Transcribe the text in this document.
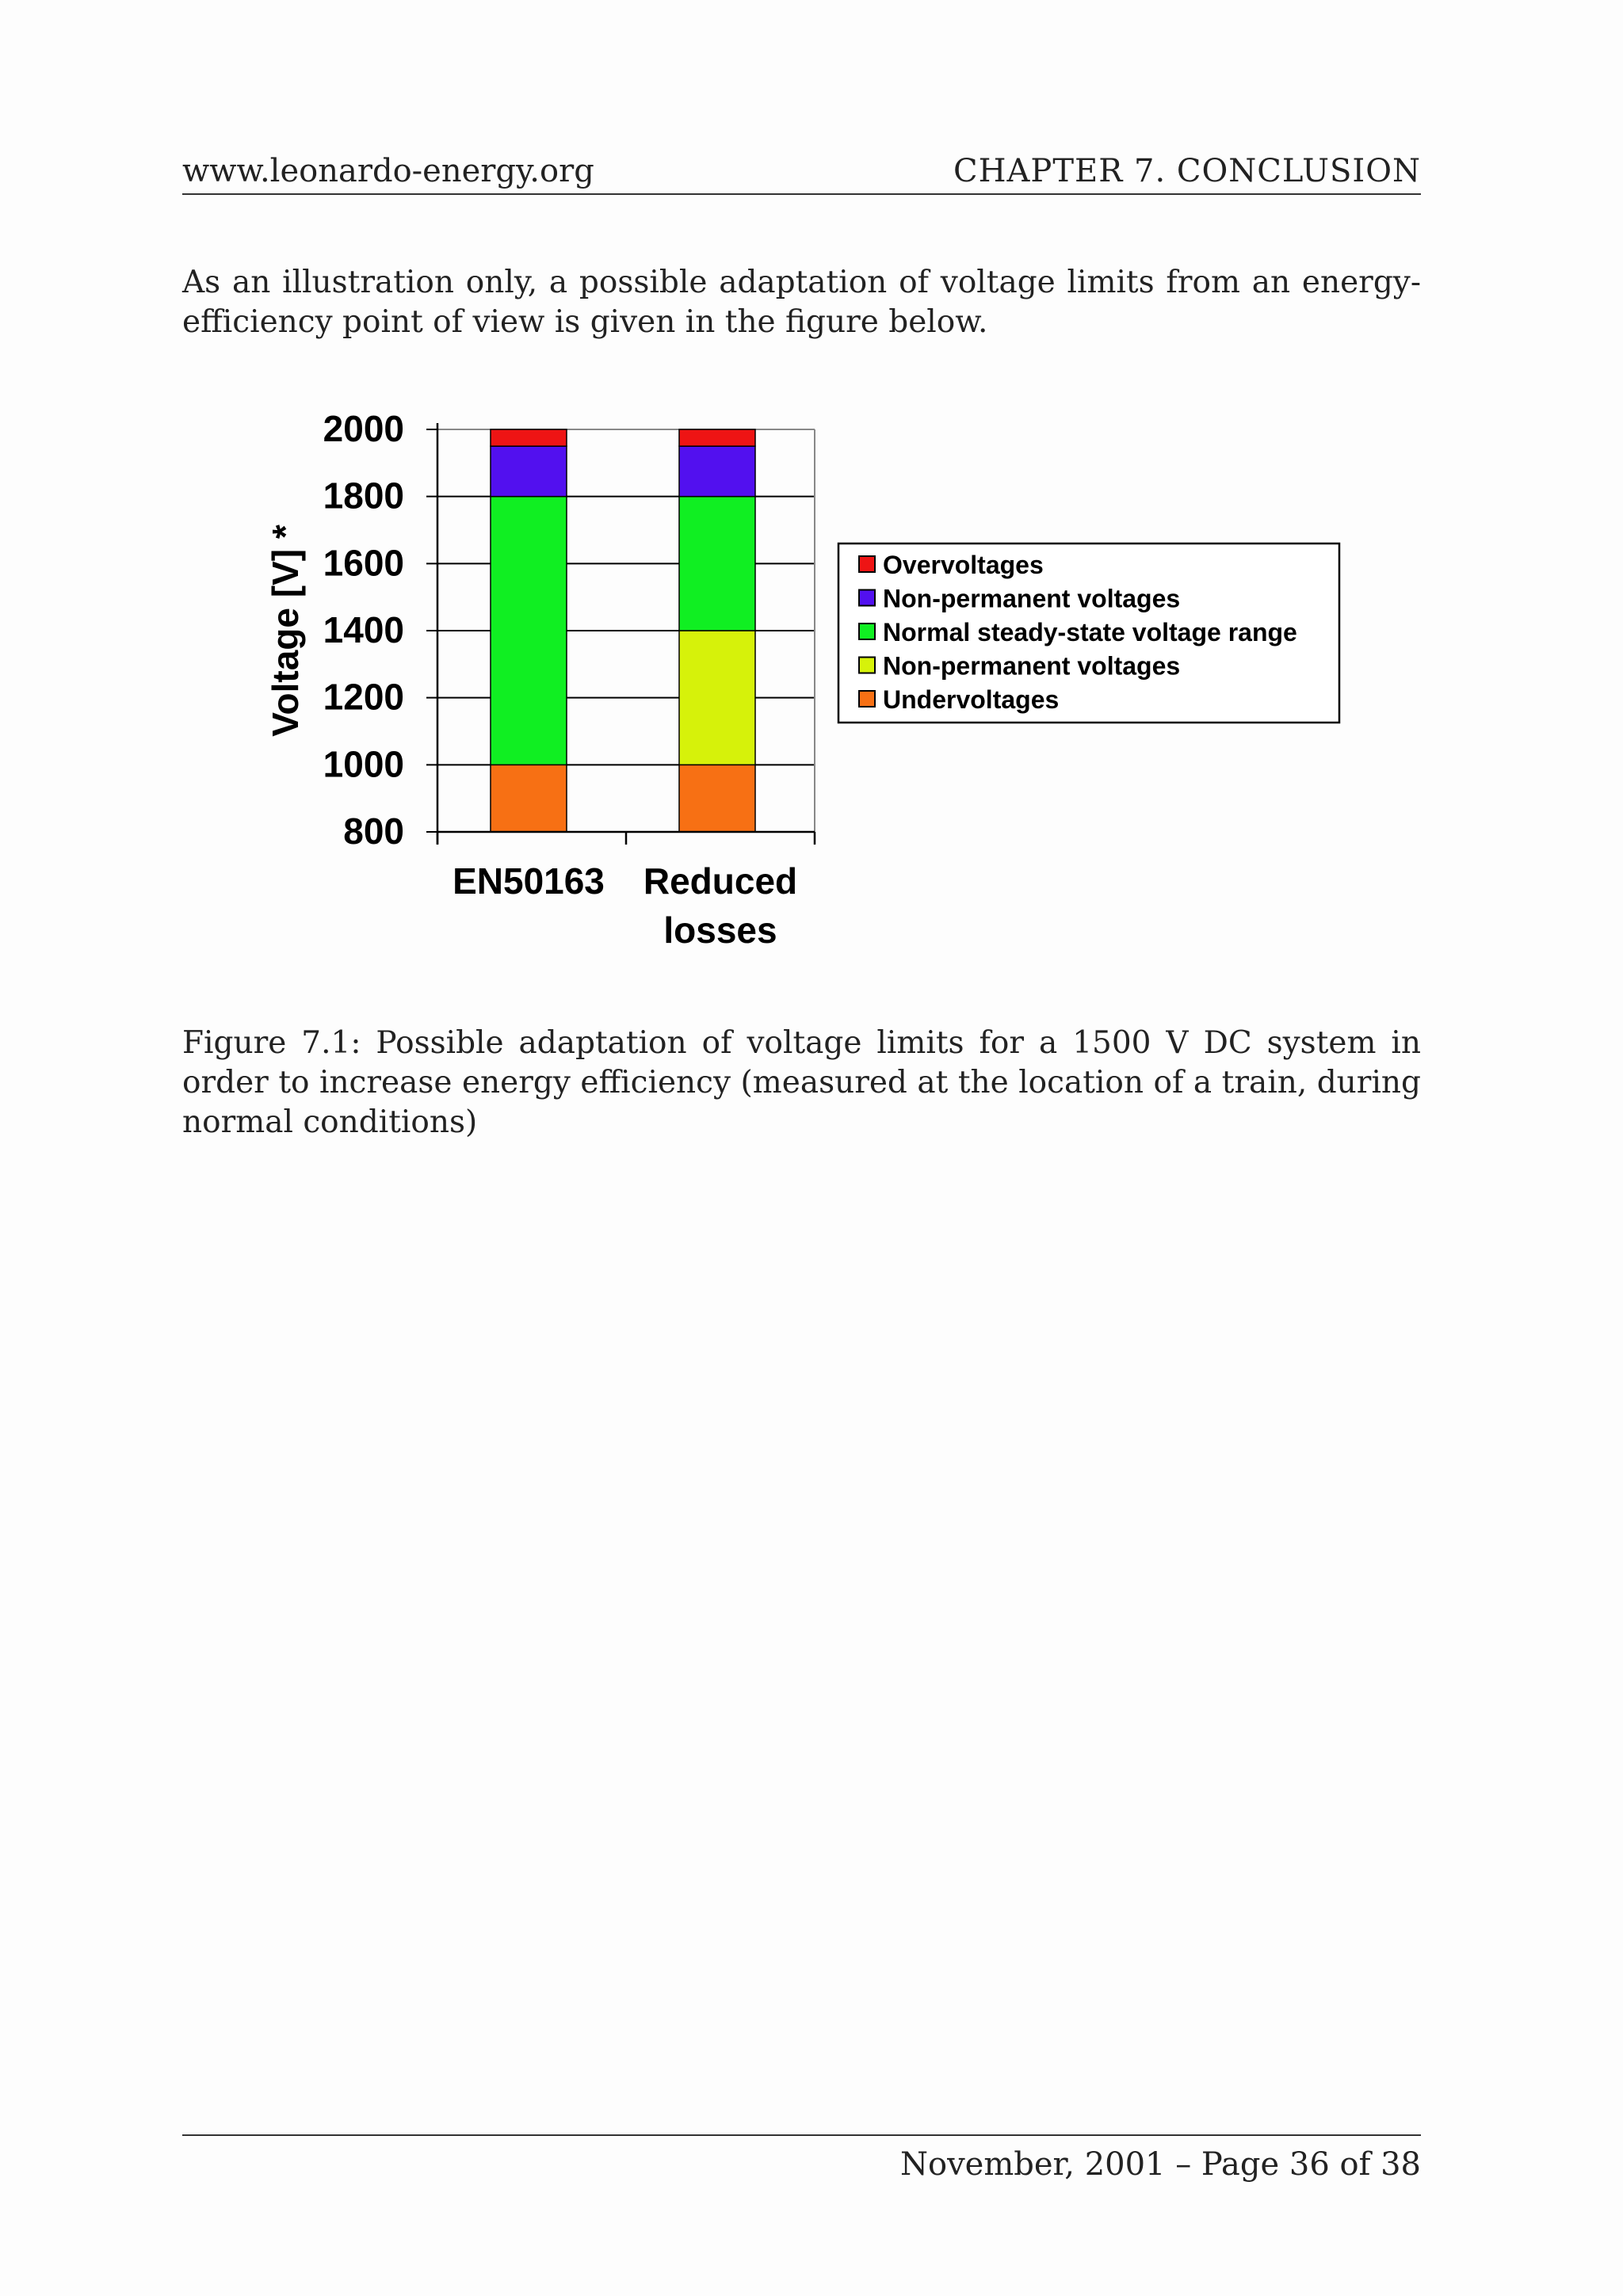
www.leonardo-energy.org	CHAPTER 7. CONCLUSION

As an illustration only, a possible adaptation of voltage limits from an energy-efficiency point of view is given in the figure below.

800
1000
1200
1400
1600
1800
2000
EN50163 Reduced
losses
Voltage [V] *	Overvoltages
Non-permanent voltages
Normal steady-state voltage range
Non-permanent voltages
Undervoltages

Figure 7.1: Possible adaptation of voltage limits for a 1500 V DC system in order to increase energy efficiency (measured at the location of a train, during normal conditions)

November, 2001 – Page 36 of 38
